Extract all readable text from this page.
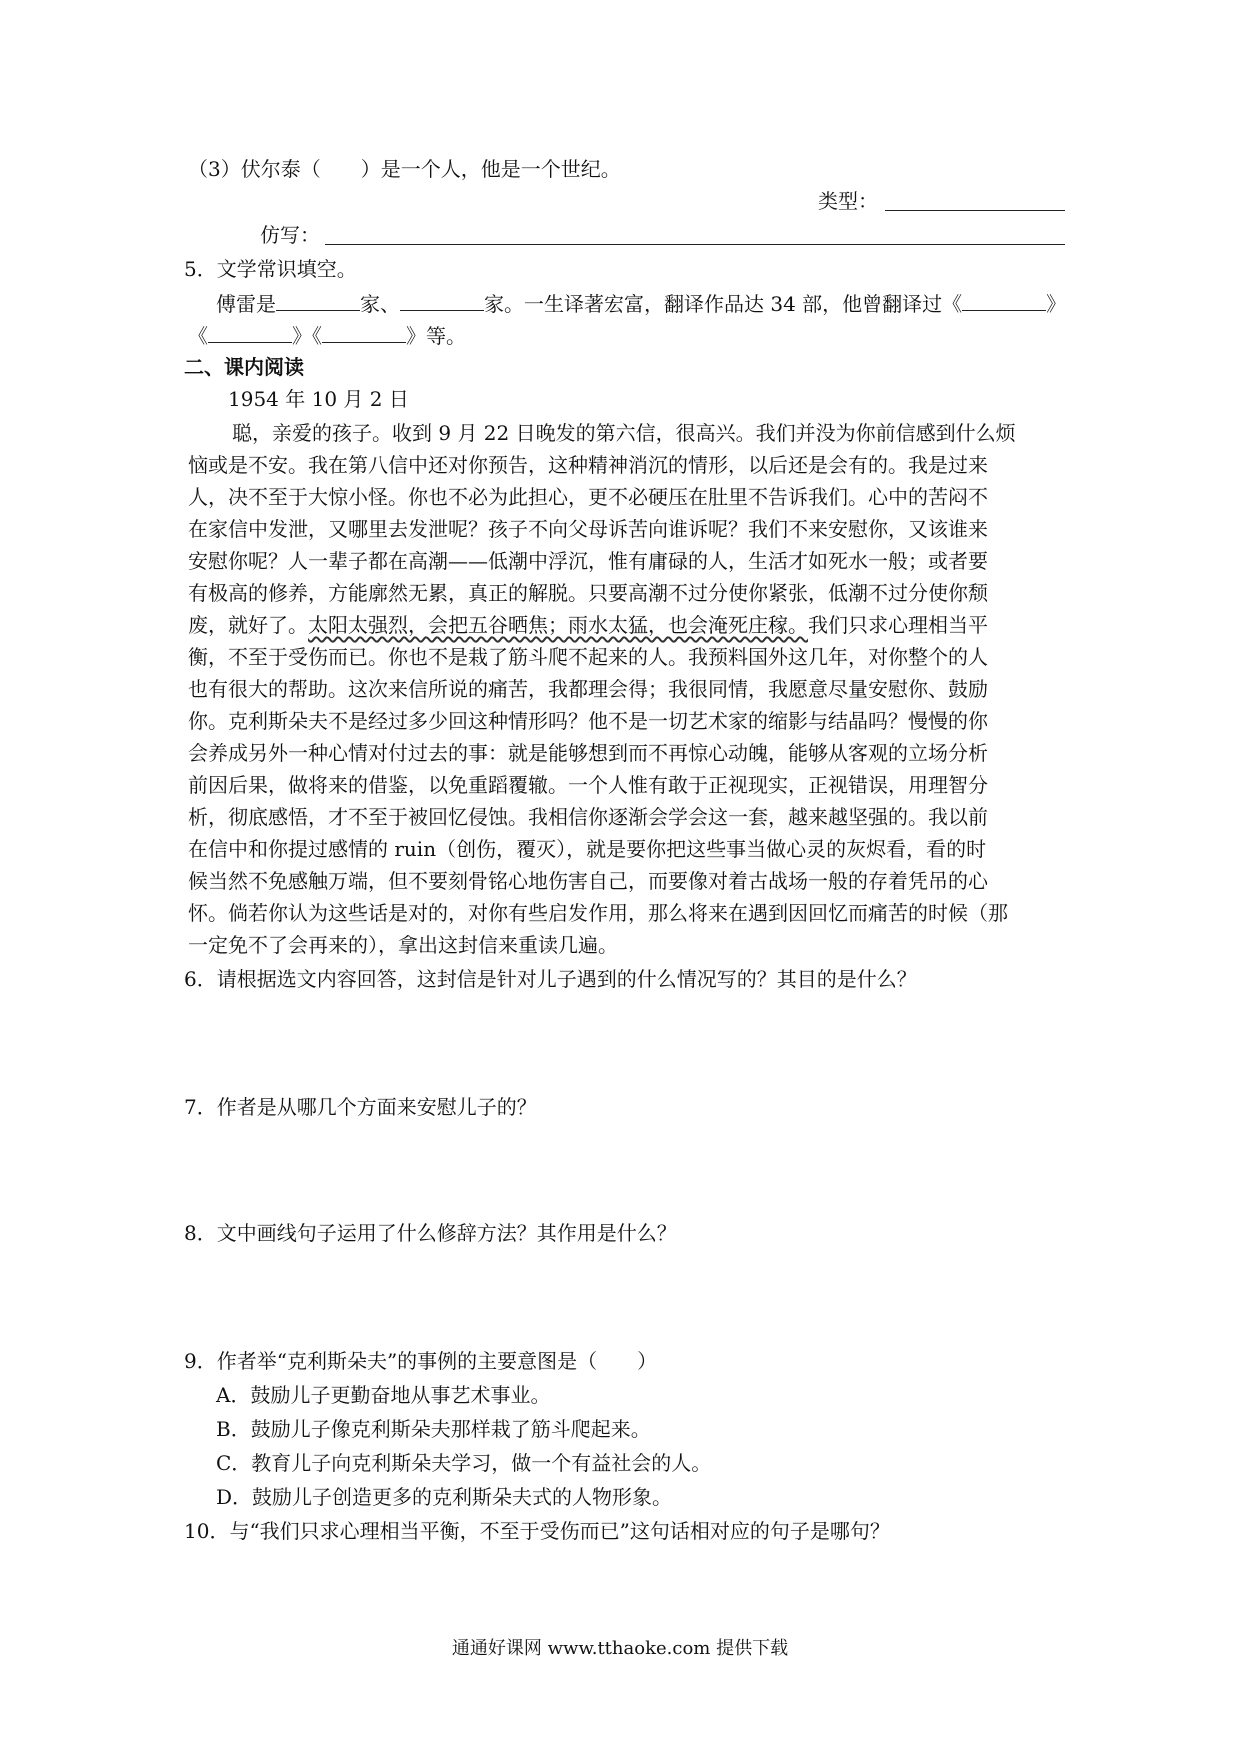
（3）伏尔泰（　　）是一个人，他是一个世纪。
类型：
仿写：
5．文学常识填空。
傅雷是	家、	家。一生译著宏富，翻译作品达 34 部，他曾翻译过《	》
《	》《	》等。
二、课内阅读
1954 年 10 月 2 日
聪，亲爱的孩子。收到 9 月 22 日晚发的第六信，很高兴。我们并没为你前信感到什么烦
恼或是不安。我在第八信中还对你预告，这种精神消沉的情形，以后还是会有的。我是过来
人，决不至于大惊小怪。你也不必为此担心，更不必硬压在肚里不告诉我们。心中的苦闷不
在家信中发泄，又哪里去发泄呢？孩子不向父母诉苦向谁诉呢？我们不来安慰你，又该谁来
安慰你呢？人一辈子都在高潮——低潮中浮沉，惟有庸碌的人，生活才如死水一般；或者要
有极高的修养，方能廓然无累，真正的解脱。只要高潮不过分使你紧张，低潮不过分使你颓
废，就好了。太阳太强烈，会把五谷晒焦；雨水太猛，也会淹死庄稼。我们只求心理相当平
衡，不至于受伤而已。你也不是栽了筋斗爬不起来的人。我预料国外这几年，对你整个的人
也有很大的帮助。这次来信所说的痛苦，我都理会得；我很同情，我愿意尽量安慰你、鼓励
你。克利斯朵夫不是经过多少回这种情形吗？他不是一切艺术家的缩影与结晶吗？慢慢的你
会养成另外一种心情对付过去的事：就是能够想到而不再惊心动魄，能够从客观的立场分析
前因后果，做将来的借鉴，以免重蹈覆辙。一个人惟有敢于正视现实，正视错误，用理智分
析，彻底感悟，才不至于被回忆侵蚀。我相信你逐渐会学会这一套，越来越坚强的。我以前
在信中和你提过感情的 ruin（创伤，覆灭），就是要你把这些事当做心灵的灰烬看，看的时
候当然不免感触万端，但不要刻骨铭心地伤害自己，而要像对着古战场一般的存着凭吊的心
怀。倘若你认为这些话是对的，对你有些启发作用，那么将来在遇到因回忆而痛苦的时候（那
一定免不了会再来的），拿出这封信来重读几遍。
6．请根据选文内容回答，这封信是针对儿子遇到的什么情况写的？其目的是什么？
7．作者是从哪几个方面来安慰儿子的？
8．文中画线句子运用了什么修辞方法？其作用是什么？
9．作者举“克利斯朵夫”的事例的主要意图是（　　）
A．鼓励儿子更勤奋地从事艺术事业。
B．鼓励儿子像克利斯朵夫那样栽了筋斗爬起来。
C．教育儿子向克利斯朵夫学习，做一个有益社会的人。
D．鼓励儿子创造更多的克利斯朵夫式的人物形象。
10．与“我们只求心理相当平衡，不至于受伤而已”这句话相对应的句子是哪句？
通通好课网 www.tthaoke.com 提供下载
